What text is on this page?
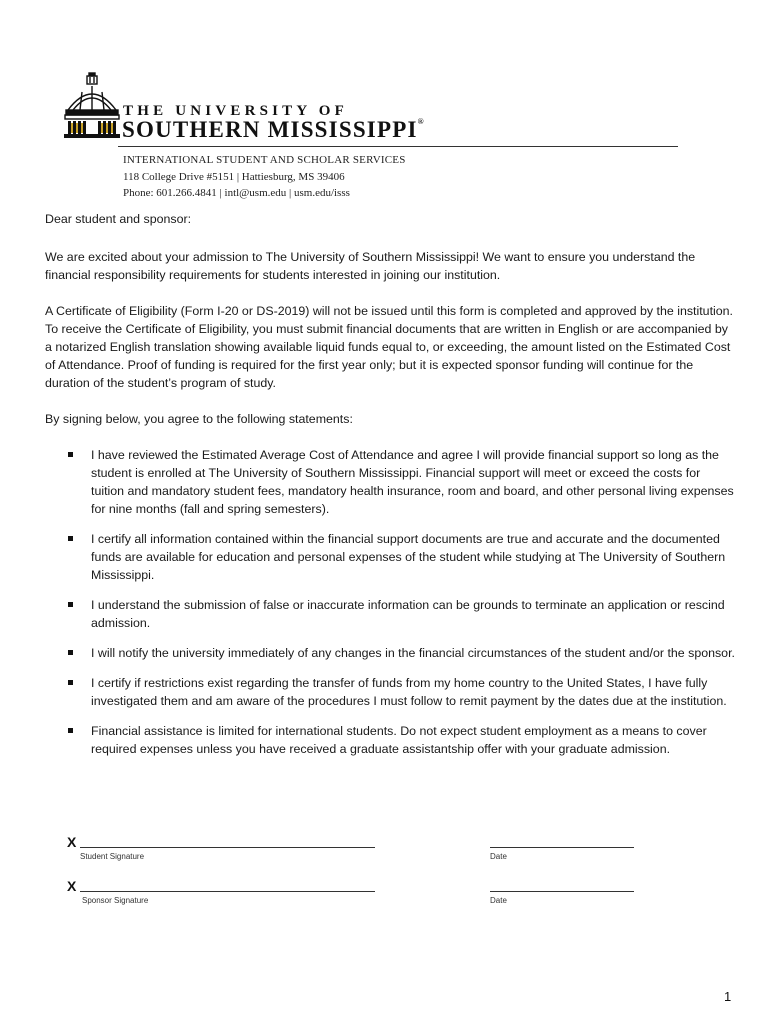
THE UNIVERSITY OF
SOUTHERN MISSISSIPPI®
INTERNATIONAL STUDENT AND SCHOLAR SERVICES
118 College Drive #5151 | Hattiesburg, MS 39406
Phone: 601.266.4841 | intl@usm.edu | usm.edu/isss

Dear student and sponsor:

We are excited about your admission to The University of Southern Mississippi! We want to ensure you understand the financial responsibility requirements for students interested in joining our institution.

A Certificate of Eligibility (Form I-20 or DS-2019) will not be issued until this form is completed and approved by the institution. To receive the Certificate of Eligibility, you must submit financial documents that are written in English or are accompanied by a notarized English translation showing available liquid funds equal to, or exceeding, the amount listed on the Estimated Cost of Attendance. Proof of funding is required for the first year only; but it is expected sponsor funding will continue for the duration of the student’s program of study.

By signing below, you agree to the following statements:

I have reviewed the Estimated Average Cost of Attendance and agree I will provide financial support so long as the student is enrolled at The University of Southern Mississippi. Financial support will meet or exceed the costs for tuition and mandatory student fees, mandatory health insurance, room and board, and other personal living expenses for nine months (fall and spring semesters).
I certify all information contained within the financial support documents are true and accurate and the documented funds are available for education and personal expenses of the student while studying at The University of Southern Mississippi.
I understand the submission of false or inaccurate information can be grounds to terminate an application or rescind admission.
I will notify the university immediately of any changes in the financial circumstances of the student and/or the sponsor.
I certify if restrictions exist regarding the transfer of funds from my home country to the United States, I have fully investigated them and am aware of the procedures I must follow to remit payment by the dates due at the institution.
Financial assistance is limited for international students. Do not expect student employment as a means to cover required expenses unless you have received a graduate assistantship offer with your graduate admission.
X
Student Signature	Date
X
Sponsor Signature	Date
1
